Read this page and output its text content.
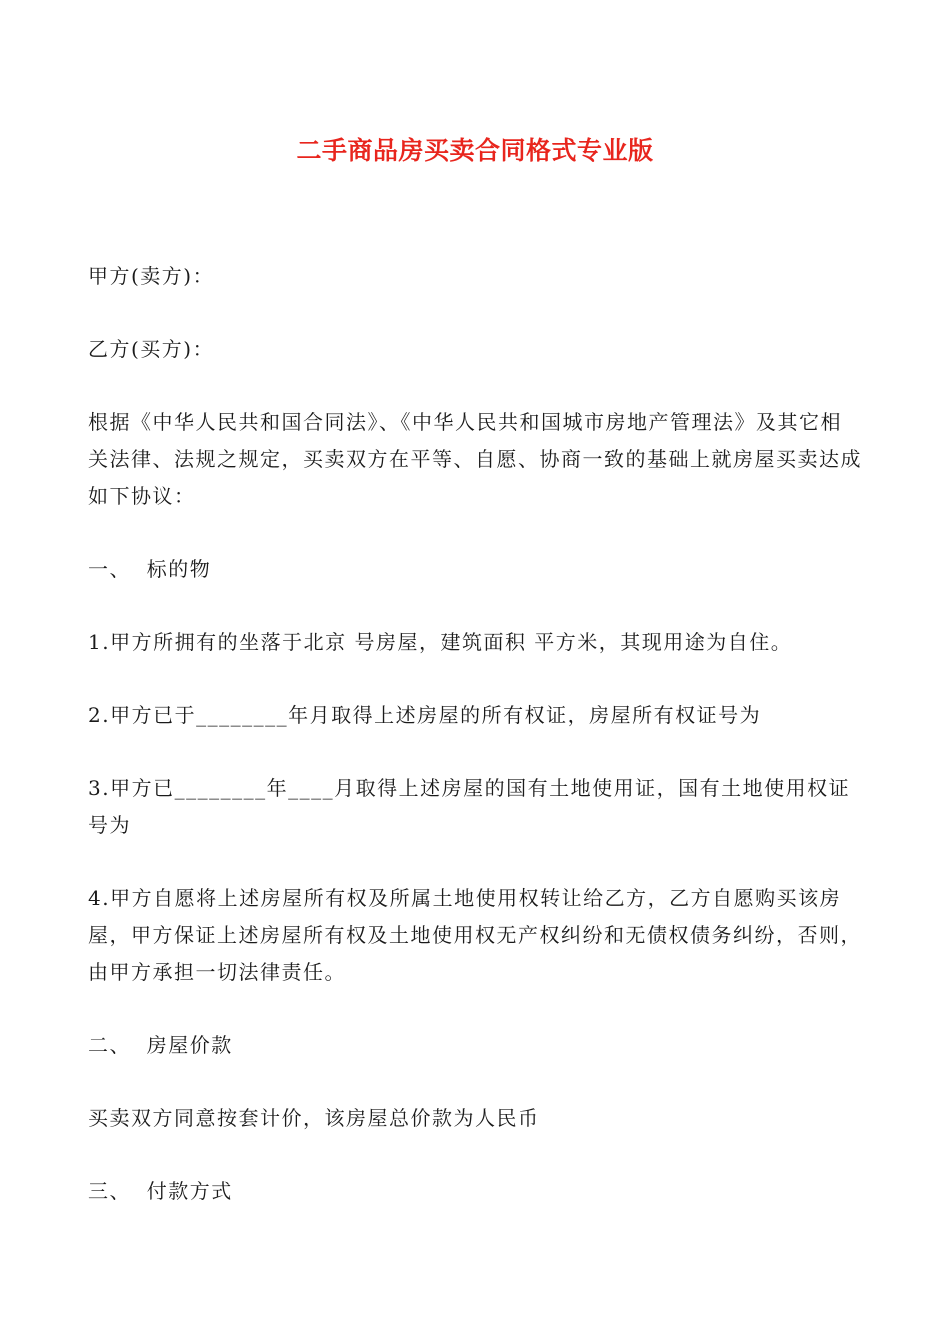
二手商品房买卖合同格式专业版

甲方(卖方)：

乙方(买方)：

根据《中华人民共和国合同法》、《中华人民共和国城市房地产管理法》及其它相关法律、法规之规定，买卖双方在平等、自愿、协商一致的基础上就房屋买卖达成如下协议：

一、  标的物

1.甲方所拥有的坐落于北京 号房屋，建筑面积 平方米，其现用途为自住。

2.甲方已于________年月取得上述房屋的所有权证，房屋所有权证号为

3.甲方已________年____月取得上述房屋的国有土地使用证，国有土地使用权证号为

4.甲方自愿将上述房屋所有权及所属土地使用权转让给乙方，乙方自愿购买该房屋，甲方保证上述房屋所有权及土地使用权无产权纠纷和无债权债务纠纷，否则，由甲方承担一切法律责任。

二、  房屋价款

买卖双方同意按套计价，该房屋总价款为人民币

三、  付款方式
